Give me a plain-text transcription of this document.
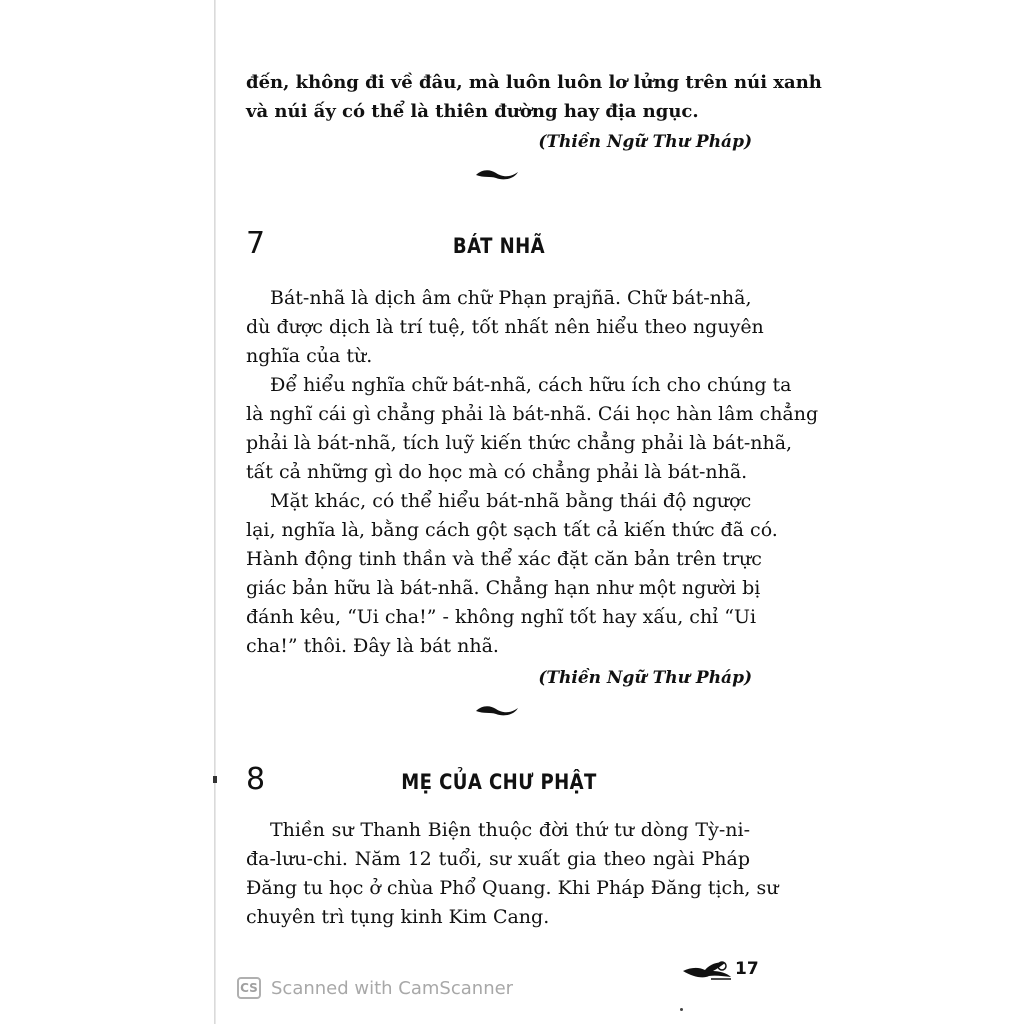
đến, không đi về đâu, mà luôn luôn lơ lửng trên núi xanh
và núi ấy có thể là thiên đường hay địa ngục.
(Thiền Ngữ Thư Pháp)
7	BÁT NHÃ
Bát-nhã là dịch âm chữ Phạn prajñā. Chữ bát-nhã,
dù được dịch là trí tuệ, tốt nhất nên hiểu theo nguyên
nghĩa của từ.
Để hiểu nghĩa chữ bát-nhã, cách hữu ích cho chúng ta
là nghĩ cái gì chẳng phải là bát-nhã. Cái học hàn lâm chẳng
phải là bát-nhã, tích luỹ kiến thức chẳng phải là bát-nhã,
tất cả những gì do học mà có chẳng phải là bát-nhã.
Mặt khác, có thể hiểu bát-nhã bằng thái độ ngược
lại, nghĩa là, bằng cách gột sạch tất cả kiến thức đã có.
Hành động tinh thần và thể xác đặt căn bản trên trực
giác bản hữu là bát-nhã. Chẳng hạn như một người bị
đánh kêu, “Ui cha!” - không nghĩ tốt hay xấu, chỉ “Ui
cha!” thôi. Đây là bát nhã.
(Thiền Ngữ Thư Pháp)
8	MẸ CỦA CHƯ PHẬT
Thiền sư Thanh Biện thuộc đời thứ tư dòng Tỳ-ni-
đa-lưu-chi. Năm 12 tuổi, sư xuất gia theo ngài Pháp
Đăng tu học ở chùa Phổ Quang. Khi Pháp Đăng tịch, sư
chuyên trì tụng kinh Kim Cang.
17
CS Scanned with CamScanner
